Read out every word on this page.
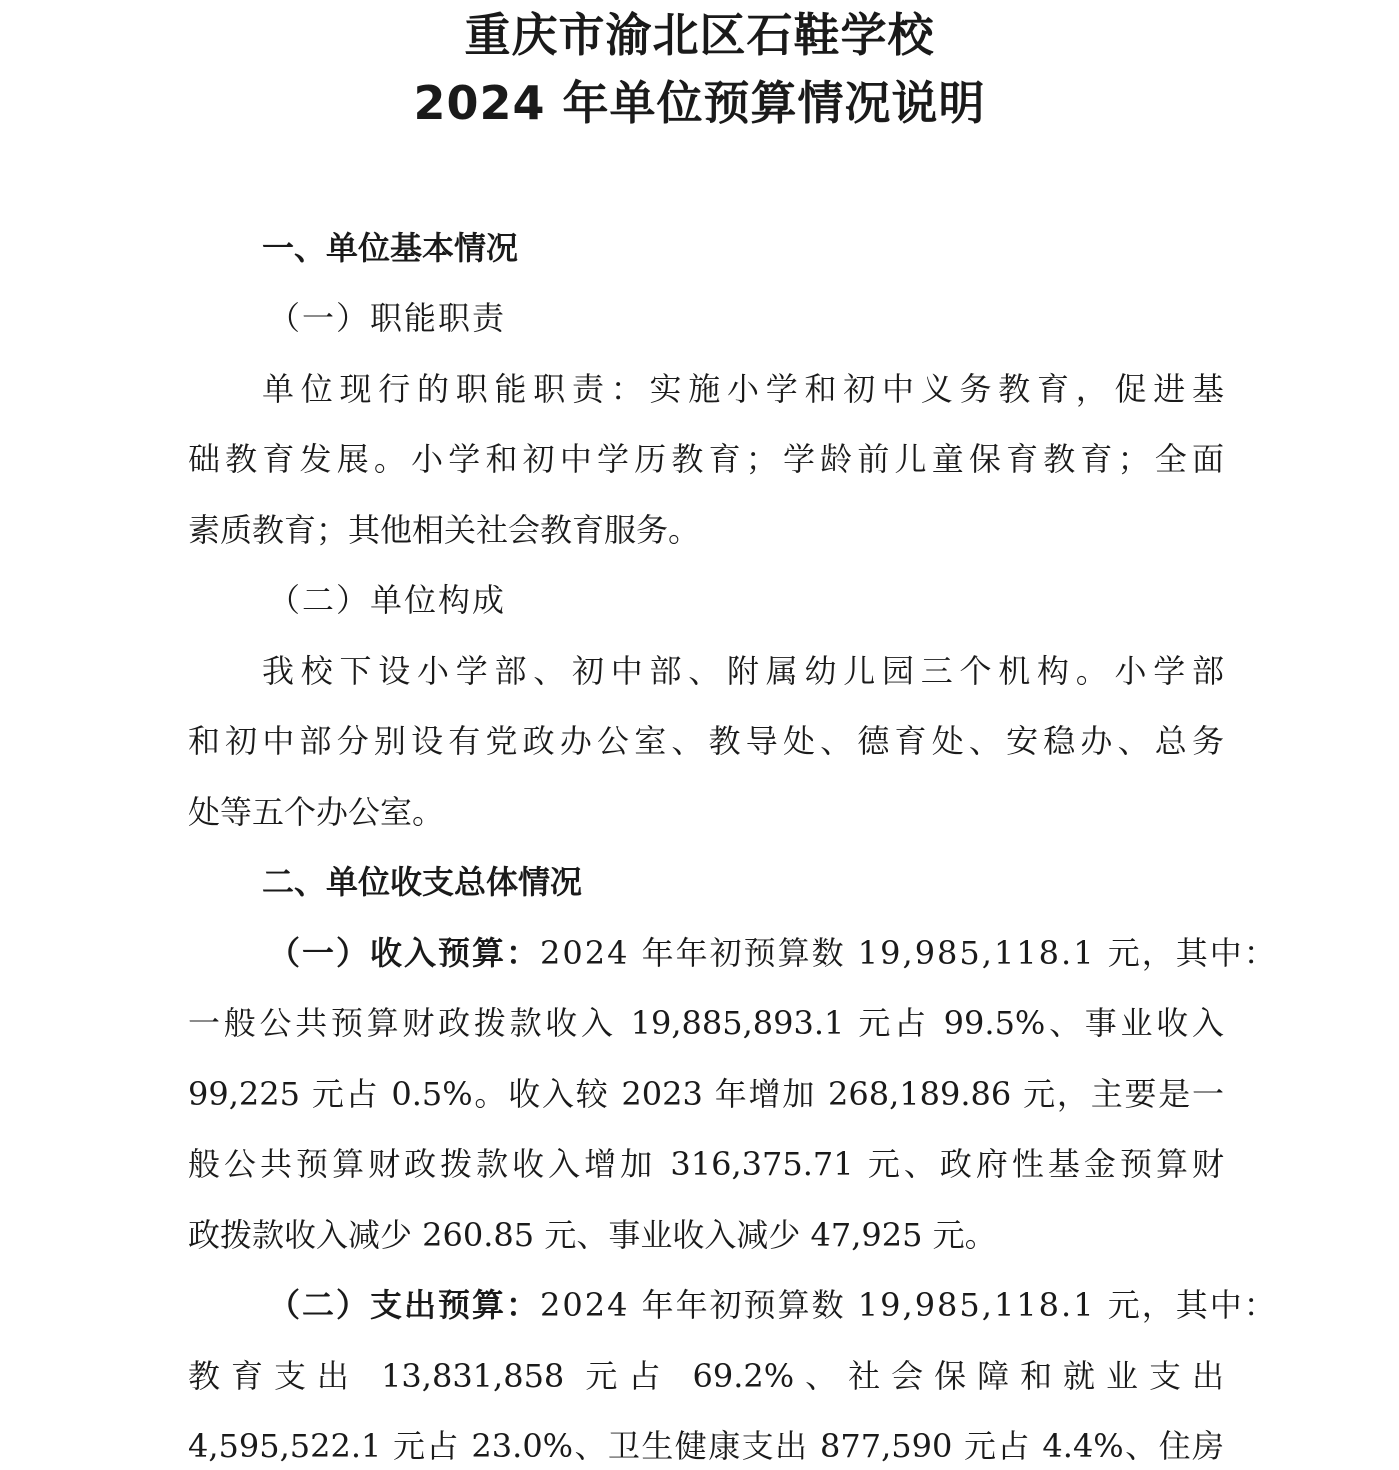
重庆市渝北区石鞋学校
2024 年单位预算情况说明
一、单位基本情况
（一）职能职责
单位现行的职能职责：实施小学和初中义务教育，促进基
础教育发展。小学和初中学历教育；学龄前儿童保育教育；全面
素质教育；其他相关社会教育服务。
（二）单位构成
我校下设小学部、初中部、附属幼儿园三个机构。小学部
和初中部分别设有党政办公室、教导处、德育处、安稳办、总务
处等五个办公室。
二、单位收支总体情况
（一）收入预算：2024 年年初预算数 19,985,118.1 元，其中：
一般公共预算财政拨款收入 19,885,893.1 元占 99.5%、事业收入
99,225 元占 0.5%。收入较 2023 年增加 268,189.86 元，主要是一
般公共预算财政拨款收入增加 316,375.71 元、政府性基金预算财
政拨款收入减少 260.85 元、事业收入减少 47,925 元。
（二）支出预算：2024 年年初预算数 19,985,118.1 元，其中：
教育支出 13,831,858 元占 69.2%、社会保障和就业支出
4,595,522.1 元占 23.0%、卫生健康支出 877,590 元占 4.4%、住房
